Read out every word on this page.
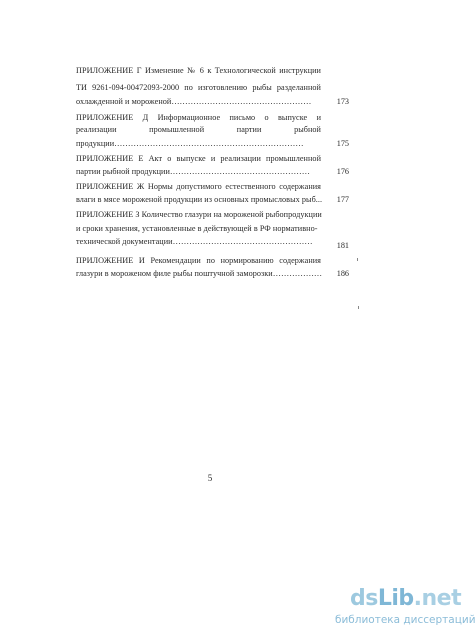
ПРИЛОЖЕНИЕ Г Изменение № 6 к Технологической инструкции
ТИ 9261-094-00472093-2000 по изготовлению рыбы разделанной
охлажденной и мороженой……………………………………………	173
ПРИЛОЖЕНИЕ Д Информационное письмо о выпуске и
реализации промышленной партии рыбной
продукции……………………………………………………………	175
ПРИЛОЖЕНИЕ Е Акт о выпуске и реализации промышленной
партии рыбной продукции……………………………………………	176
ПРИЛОЖЕНИЕ Ж Нормы допустимого естественного содержания
влаги в мясе мороженой продукции из основных промысловых рыб...	177
ПРИЛОЖЕНИЕ З Количество глазури на мороженой рыбопродукции
и сроки хранения, установленные в действующей в РФ нормативно-
технической документации……………………………………………	181
ПРИЛОЖЕНИЕ И Рекомендации по нормированию содержания
глазури в мороженом филе рыбы поштучной заморозки………………	186
5
dsLib.net
библиотека диссертаций
